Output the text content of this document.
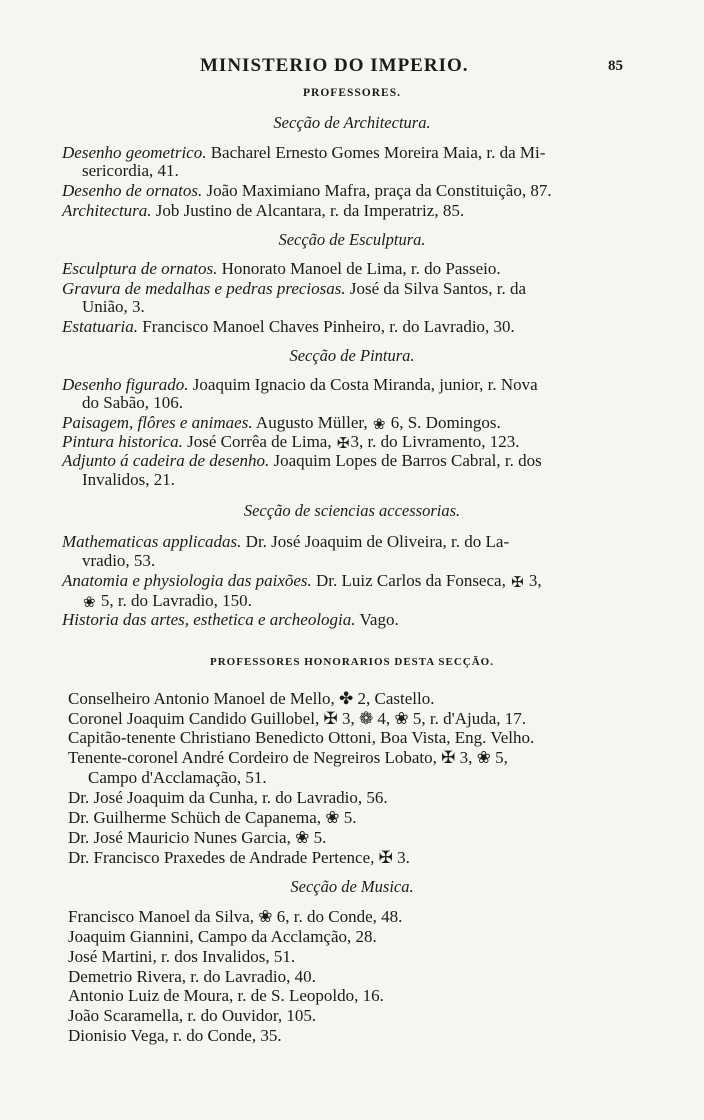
MINISTERIO DO IMPERIO.	85
PROFESSORES.
Secção de Architectura.
Desenho geometrico. Bacharel Ernesto Gomes Moreira Maia, r. da Mi-
sericordia, 41.
Desenho de ornatos. João Maximiano Mafra, praça da Constituição, 87.
Architectura. Job Justino de Alcantara, r. da Imperatriz, 85.
Secção de Esculptura.
Esculptura de ornatos. Honorato Manoel de Lima, r. do Passeio.
Gravura de medalhas e pedras preciosas. José da Silva Santos, r. da
União, 3.
Estatuaria. Francisco Manoel Chaves Pinheiro, r. do Lavradio, 30.
Secção de Pintura.
Desenho figurado. Joaquim Ignacio da Costa Miranda, junior, r. Nova
do Sabão, 106.
Paisagem, flôres e animaes. Augusto Müller, ❀ 6, S. Domingos.
Pintura historica. José Corrêa de Lima, ✠3, r. do Livramento, 123.
Adjunto á cadeira de desenho. Joaquim Lopes de Barros Cabral, r. dos
Invalidos, 21.
Secção de sciencias accessorias.
Mathematicas applicadas. Dr. José Joaquim de Oliveira, r. do La-
vradio, 53.
Anatomia e physiologia das paixões. Dr. Luiz Carlos da Fonseca, ✠ 3,
❀ 5, r. do Lavradio, 150.
Historia das artes, esthetica e archeologia. Vago.
PROFESSORES HONORARIOS DESTA SECÇÃO.
Conselheiro Antonio Manoel de Mello, ✤ 2, Castello.
Coronel Joaquim Candido Guillobel, ✠ 3, ❁ 4, ❀ 5, r. d'Ajuda, 17.
Capitão-tenente Christiano Benedicto Ottoni, Boa Vista, Eng. Velho.
Tenente-coronel André Cordeiro de Negreiros Lobato, ✠ 3, ❀ 5,
Campo d'Acclamação, 51.
Dr. José Joaquim da Cunha, r. do Lavradio, 56.
Dr. Guilherme Schüch de Capanema, ❀ 5.
Dr. José Mauricio Nunes Garcia, ❀ 5.
Dr. Francisco Praxedes de Andrade Pertence, ✠ 3.
Secção de Musica.
Francisco Manoel da Silva, ❀ 6, r. do Conde, 48.
Joaquim Giannini, Campo da Acclamção, 28.
José Martini, r. dos Invalidos, 51.
Demetrio Rivera, r. do Lavradio, 40.
Antonio Luiz de Moura, r. de S. Leopoldo, 16.
João Scaramella, r. do Ouvidor, 105.
Dionisio Vega, r. do Conde, 35.
